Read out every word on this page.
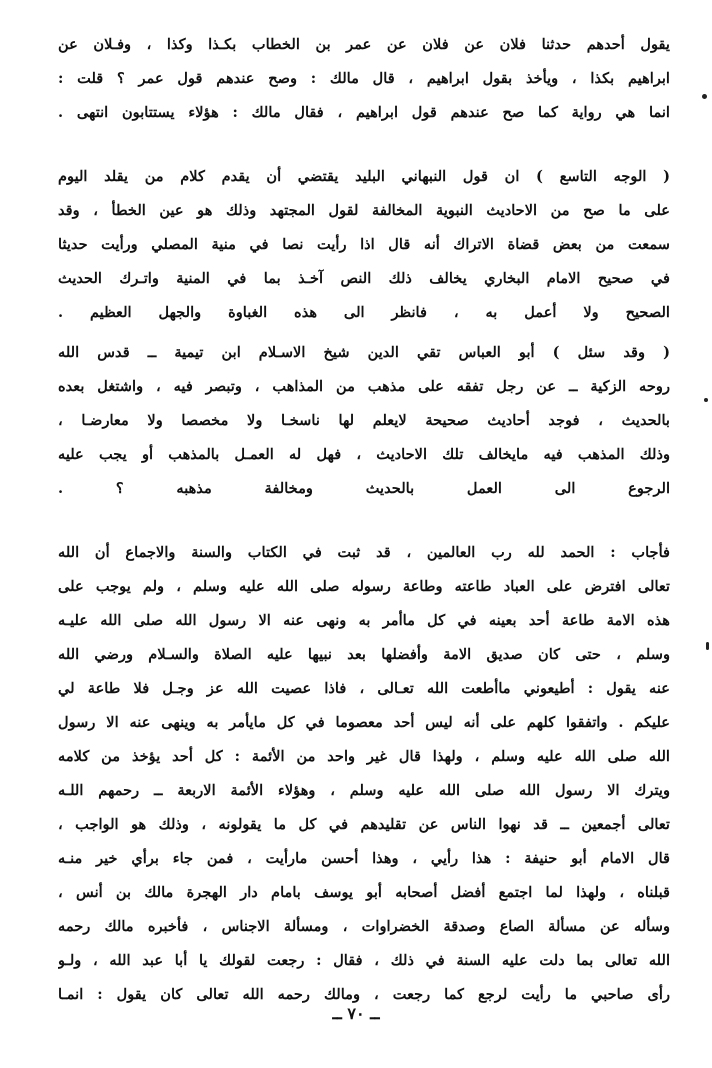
يقول أحدهم حدثنا فلان عن فلان عن عمر بن الخطاب بكـذا وكذا ، وفـلان عن
ابراهيم بكذا ، ويأخذ بقول ابراهيم ، قال مالك : وصح عندهم قول عمر ؟ قلت :
انما هي رواية كما صح عندهم قول ابراهيم ، فقال مالك : هؤلاء يستتابون انتهى .
( الوجه التاسع ) ان قول النبهاني البليد يقتضي أن يقدم كلام من يقلد اليوم
على ما صح من الاحاديث النبوية المخالفة لقول المجتهد وذلك هو عين الخطأ ، وقد
سمعت من بعض قضاة الاتراك أنه قال اذا رأيت نصا في منية المصلي ورأيت حديثا
في صحيح الامام البخاري يخالف ذلك النص آخـذ بما في المنية واتـرك الحديث
الصحيح ولا أعمل به ، فانظر الى هذه الغباوة والجهل العظيم .
( وقد سئل ) أبو العباس تقي الدين شيخ الاسـلام ابن تيمية ــ قدس الله
روحه الزكية ــ عن رجل تفقه على مذهب من المذاهب ، وتبصر فيه ، واشتغل بعده
بالحديث ، فوجد أحاديث صحيحة لايعلم لها ناسخـا ولا مخصصا ولا معارضـا ،
وذلك المذهب فيه مايخالف تلك الاحاديث ، فهل له العمـل بالمذهب أو يجب عليه
الرجوع الى العمل بالحديث ومخالفة مذهبه ؟ .
فأجاب : الحمد لله رب العالمين ، قد ثبت في الكتاب والسنة والاجماع أن الله
تعالى افترض على العباد طاعته وطاعة رسوله صلى الله عليه وسلم ، ولم يوجب على
هذه الامة طاعة أحد بعينه في كل ماأمر به ونهى عنه الا رسول الله صلى الله عليـه
وسلم ، حتى كان صديق الامة وأفضلها بعد نبيها عليه الصلاة والسـلام ورضي الله
عنه يقول : أطيعوني ماأطعت الله تعـالى ، فاذا عصيت الله عز وجـل فلا طاعة لي
عليكم . واتفقوا كلهم على أنه ليس أحد معصوما في كل مايأمر به وينهى عنه الا رسول
الله صلى الله عليه وسلم ، ولهذا قال غير واحد من الأئمة : كل أحد يؤخذ من كلامه
ويترك الا رسول الله صلى الله عليه وسلم ، وهؤلاء الأئمة الاربعة ــ رحمهم اللـه
تعالى أجمعين ــ قد نهوا الناس عن تقليدهم في كل ما يقولونه ، وذلك هو الواجب ،
قال الامام أبو حنيفة : هذا رأيي ، وهذا أحسن مارأيت ، فمن جاء برأي خير منـه
قبلناه ، ولهذا لما اجتمع أفضل أصحابه أبو يوسف بامام دار الهجرة مالك بن أنس ،
وسأله عن مسألة الصاع وصدقة الخضراوات ، ومسألة الاجناس ، فأخبره مالك رحمه
الله تعالى بما دلت عليه السنة في ذلك ، فقال : رجعت لقولك يا أبا عبد الله ، ولـو
رأى صاحبي ما رأيت لرجع كما رجعت ، ومالك رحمه الله تعالى كان يقول : انمـا
ــ ٧٠ ــ
